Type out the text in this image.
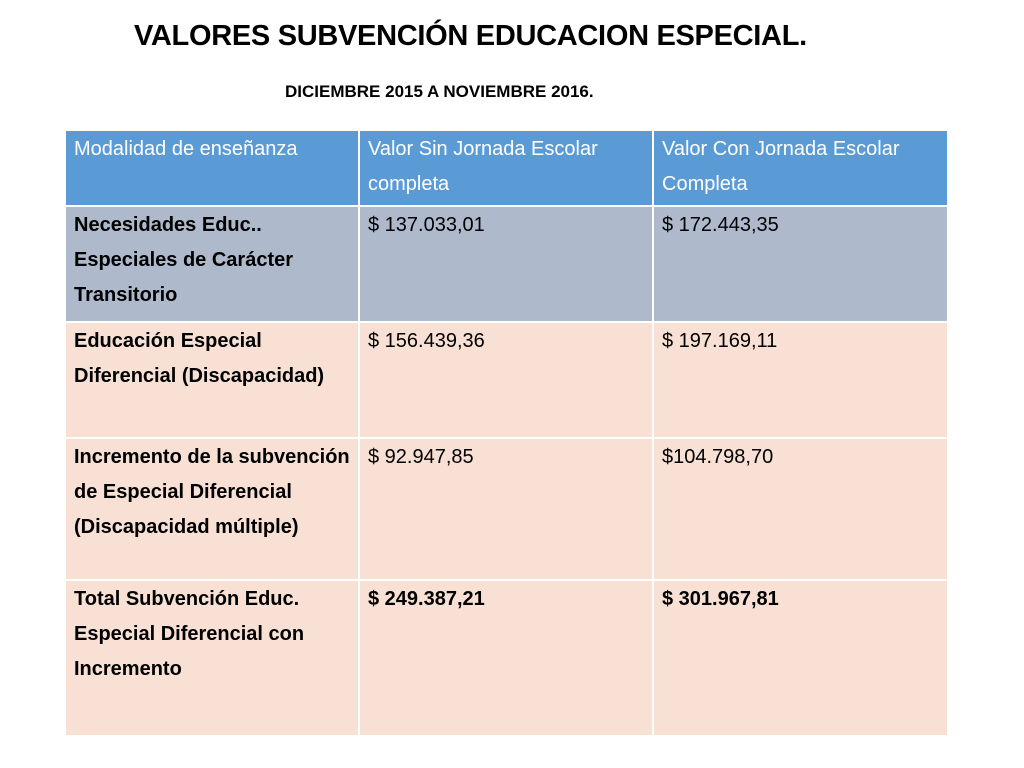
VALORES SUBVENCIÓN EDUCACION ESPECIAL.
DICIEMBRE 2015 A NOVIEMBRE 2016.
Modalidad de enseñanza	Valor Sin Jornada Escolar completa	Valor Con Jornada Escolar Completa
Necesidades Educ.. Especiales de Carácter Transitorio	$ 137.033,01	$ 172.443,35
Educación Especial Diferencial (Discapacidad)	$ 156.439,36	$ 197.169,11
Incremento de la subvención de Especial Diferencial (Discapacidad múltiple)	$ 92.947,85	$104.798,70
Total Subvención Educ. Especial Diferencial con Incremento	$ 249.387,21	$ 301.967,81
